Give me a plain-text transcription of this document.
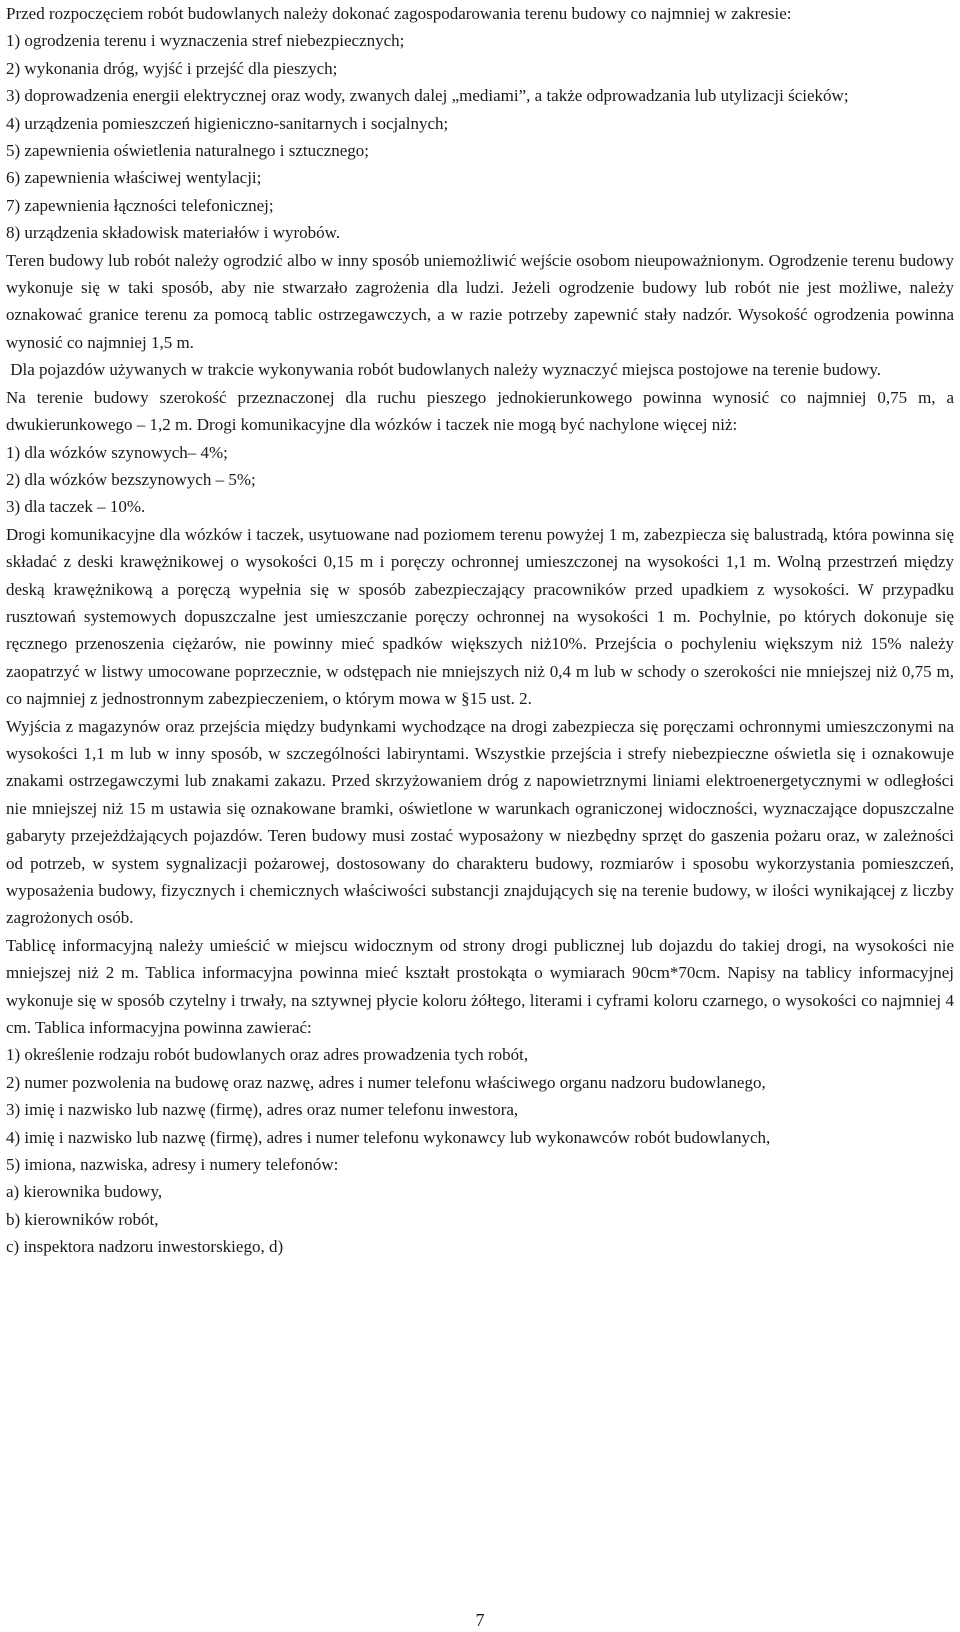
Przed rozpoczęciem robót budowlanych należy dokonać zagospodarowania terenu budowy co najmniej w zakresie:

1) ogrodzenia terenu i wyznaczenia stref niebezpiecznych;

2) wykonania dróg, wyjść i przejść dla pieszych;

3) doprowadzenia energii elektrycznej oraz wody, zwanych dalej „mediami”, a także odprowadzania lub utylizacji ścieków;

4) urządzenia pomieszczeń higieniczno-sanitarnych i socjalnych;

5) zapewnienia oświetlenia naturalnego i sztucznego;

6) zapewnienia właściwej wentylacji;

7) zapewnienia łączności telefonicznej;

8) urządzenia składowisk materiałów i wyrobów.

Teren budowy lub robót należy ogrodzić albo w inny sposób uniemożliwić wejście osobom nieupoważnionym. Ogrodzenie terenu budowy wykonuje się w taki sposób, aby nie stwarzało zagrożenia dla ludzi. Jeżeli ogrodzenie budowy lub robót nie jest możliwe, należy oznakować granice terenu za pomocą tablic ostrzegawczych, a w razie potrzeby zapewnić stały nadzór. Wysokość ogrodzenia powinna wynosić co najmniej 1,5 m.

Dla pojazdów używanych w trakcie wykonywania robót budowlanych należy wyznaczyć miejsca postojowe na terenie budowy.

Na terenie budowy szerokość przeznaczonej dla ruchu pieszego jednokierunkowego powinna wynosić co najmniej 0,75 m, a dwukierunkowego – 1,2 m. Drogi komunikacyjne dla wózków i taczek nie mogą być nachylone więcej niż:

1) dla wózków szynowych– 4%;

2) dla wózków bezszynowych – 5%;

3) dla taczek – 10%.

Drogi komunikacyjne dla wózków i taczek, usytuowane nad poziomem terenu powyżej 1 m, zabezpiecza się balustradą, która powinna się składać z deski krawężnikowej o wysokości 0,15 m i poręczy ochronnej umieszczonej na wysokości 1,1 m. Wolną przestrzeń między deską krawężnikową a poręczą wypełnia się w sposób zabezpieczający pracowników przed upadkiem z wysokości. W przypadku rusztowań systemowych dopuszczalne jest umieszczanie poręczy ochronnej na wysokości 1 m. Pochylnie, po których dokonuje się ręcznego przenoszenia ciężarów, nie powinny mieć spadków większych niż10%. Przejścia o pochyleniu większym niż 15% należy zaopatrzyć w listwy umocowane poprzecznie, w odstępach nie mniejszych niż 0,4 m lub w schody o szerokości nie mniejszej niż 0,75 m, co najmniej z jednostronnym zabezpieczeniem, o którym mowa w §15 ust. 2.

Wyjścia z magazynów oraz przejścia między budynkami wychodzące na drogi zabezpiecza się poręczami ochronnymi umieszczonymi na wysokości 1,1 m lub w inny sposób, w szczególności labiryntami. Wszystkie przejścia i strefy niebezpieczne oświetla się i oznakowuje znakami ostrzegawczymi lub znakami zakazu. Przed skrzyżowaniem dróg z napowietrznymi liniami elektroenergetycznymi w odległości nie mniejszej niż 15 m ustawia się oznakowane bramki, oświetlone w warunkach ograniczonej widoczności, wyznaczające dopuszczalne gabaryty przejeżdżających pojazdów. Teren budowy musi zostać wyposażony w niezbędny sprzęt do gaszenia pożaru oraz, w zależności od potrzeb, w system sygnalizacji pożarowej, dostosowany do charakteru budowy, rozmiarów i sposobu wykorzystania pomieszczeń, wyposażenia budowy, fizycznych i chemicznych właściwości substancji znajdujących się na terenie budowy, w ilości wynikającej z liczby zagrożonych osób.

Tablicę informacyjną należy umieścić w miejscu widocznym od strony drogi publicznej lub dojazdu do takiej drogi, na wysokości nie mniejszej niż 2 m. Tablica informacyjna powinna mieć kształt prostokąta o wymiarach 90cm*70cm. Napisy na tablicy informacyjnej wykonuje się w sposób czytelny i trwały, na sztywnej płycie koloru żółtego, literami i cyframi koloru czarnego, o wysokości co najmniej 4 cm. Tablica informacyjna powinna zawierać:

1) określenie rodzaju robót budowlanych oraz adres prowadzenia tych robót,

2) numer pozwolenia na budowę oraz nazwę, adres i numer telefonu właściwego organu nadzoru budowlanego,

3) imię i nazwisko lub nazwę (firmę), adres oraz numer telefonu inwestora,

4) imię i nazwisko lub nazwę (firmę), adres i numer telefonu wykonawcy lub wykonawców robót budowlanych,

5) imiona, nazwiska, adresy i numery telefonów:

a) kierownika budowy,

b) kierowników robót,

c) inspektora nadzoru inwestorskiego, d)

7
